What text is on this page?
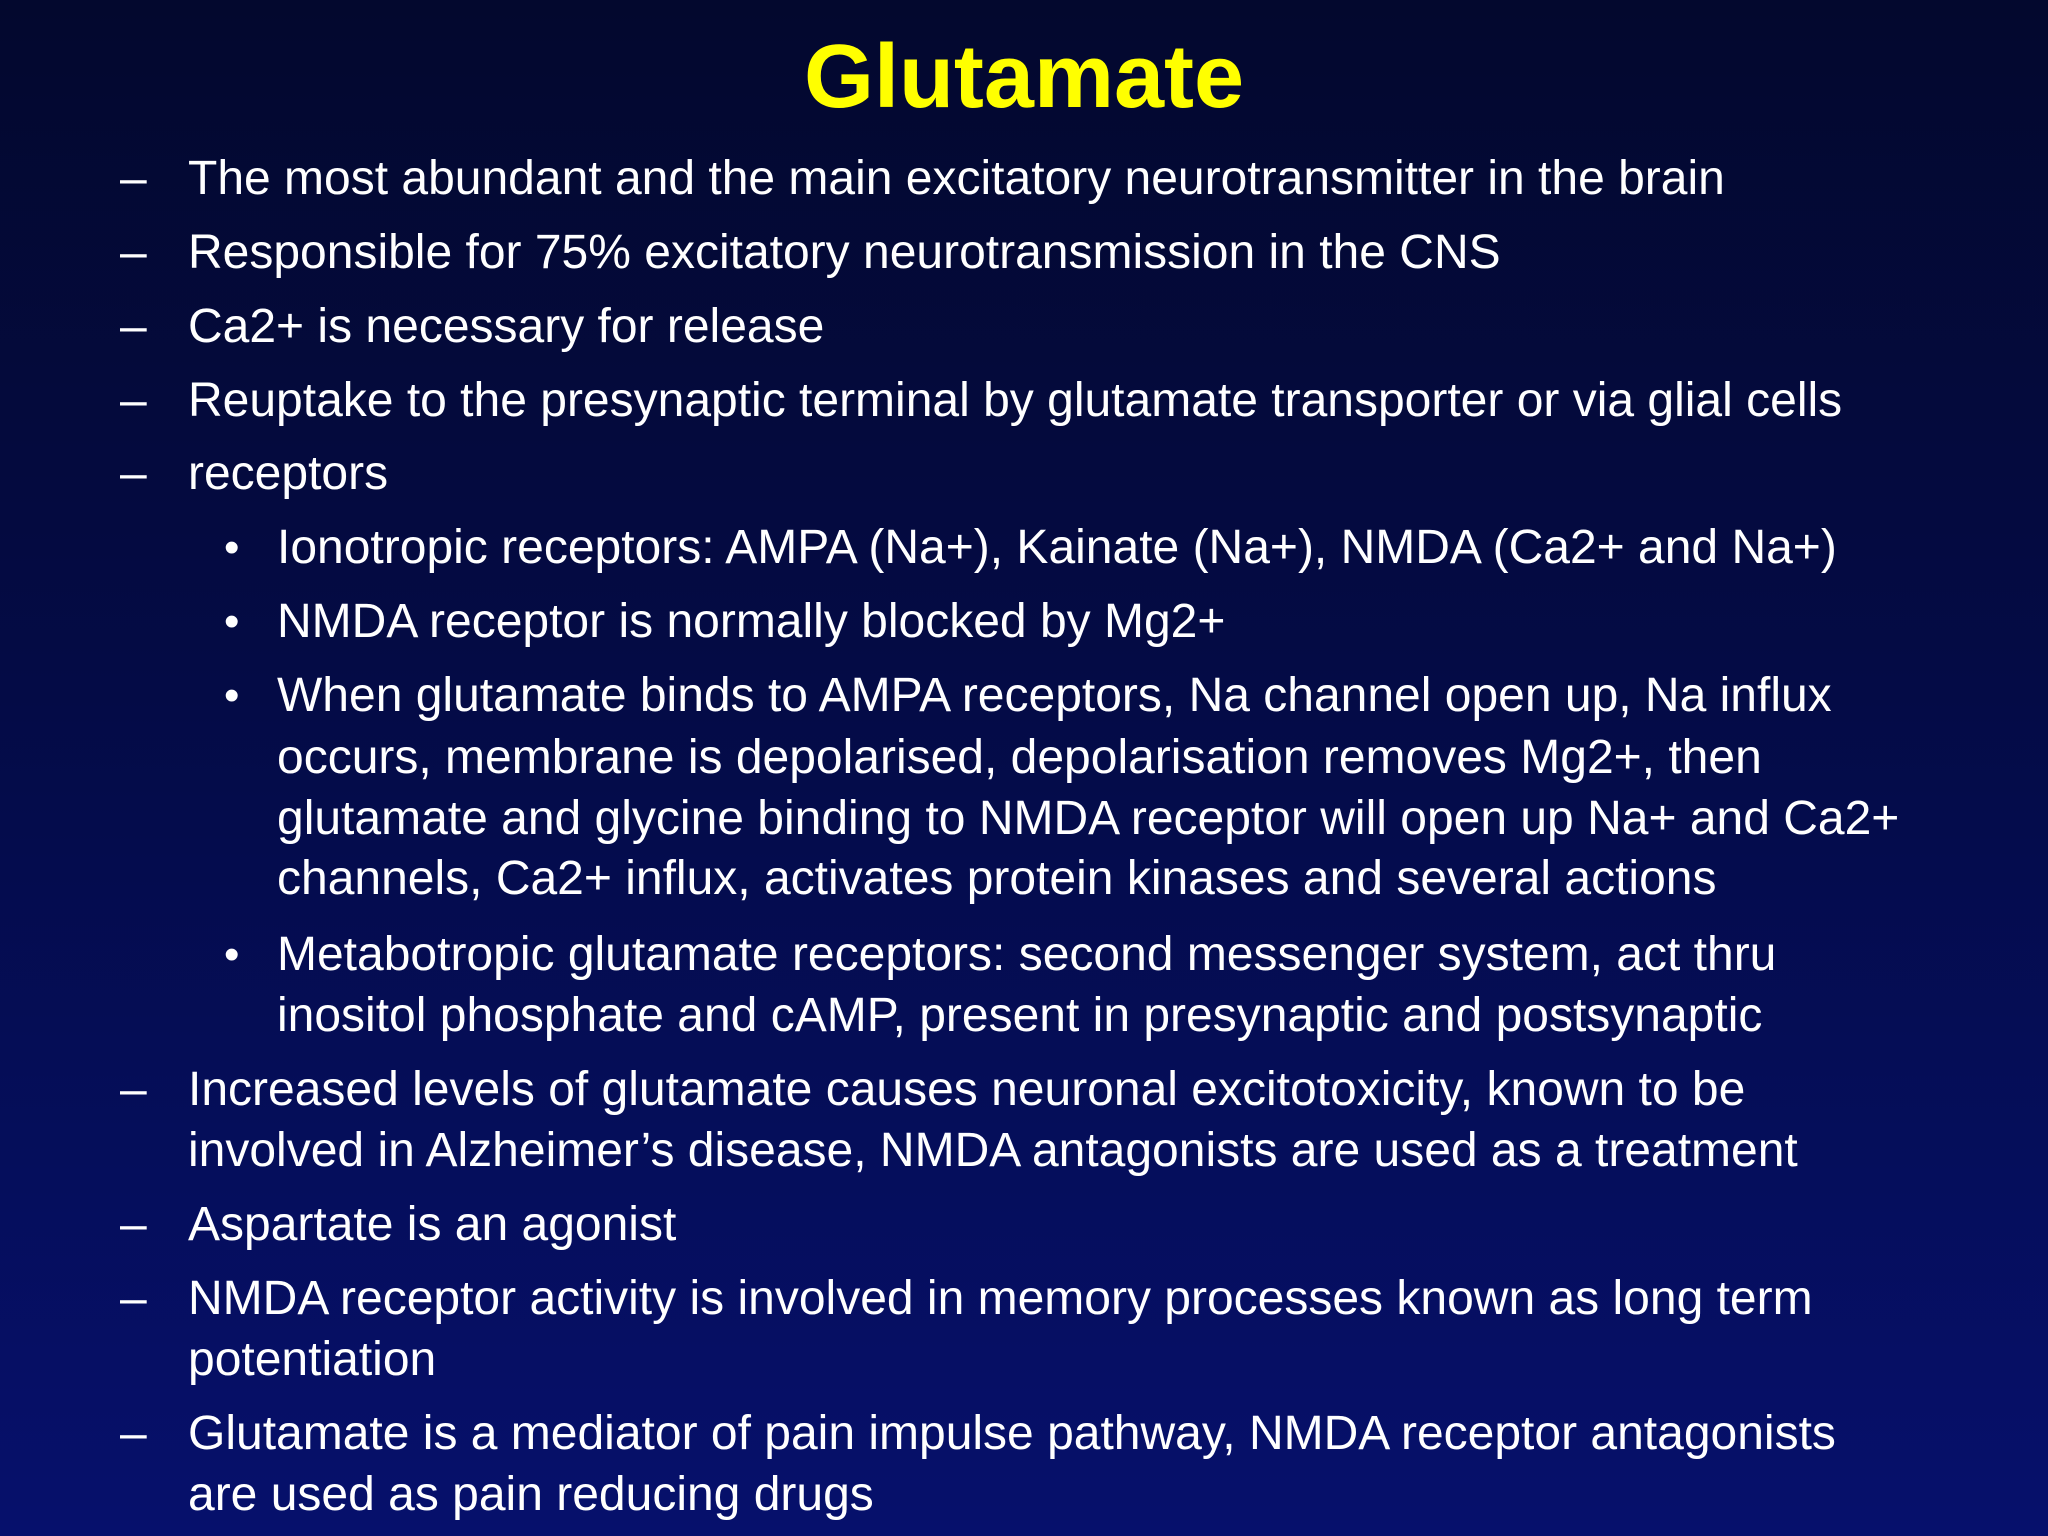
Glutamate
– The most abundant and the main excitatory neurotransmitter in the brain
– Responsible for 75% excitatory neurotransmission in the CNS
– Ca2+ is necessary for release
– Reuptake to the presynaptic terminal by glutamate transporter or via glial cells
– receptors
• Ionotropic receptors: AMPA (Na+), Kainate (Na+), NMDA (Ca2+ and Na+)
• NMDA receptor is normally blocked by Mg2+
• When glutamate binds to AMPA receptors, Na channel open up, Na influx
occurs, membrane is depolarised, depolarisation removes Mg2+, then
glutamate and glycine binding to NMDA receptor will open up Na+ and Ca2+
channels, Ca2+ influx, activates protein kinases and several actions
• Metabotropic glutamate receptors: second messenger system, act thru
inositol phosphate and cAMP, present in presynaptic and postsynaptic
– Increased levels of glutamate causes neuronal excitotoxicity, known to be
involved in Alzheimer’s disease, NMDA antagonists are used as a treatment
– Aspartate is an agonist
– NMDA receptor activity is involved in memory processes known as long term
potentiation
– Glutamate is a mediator of pain impulse pathway, NMDA receptor antagonists
are used as pain reducing drugs
